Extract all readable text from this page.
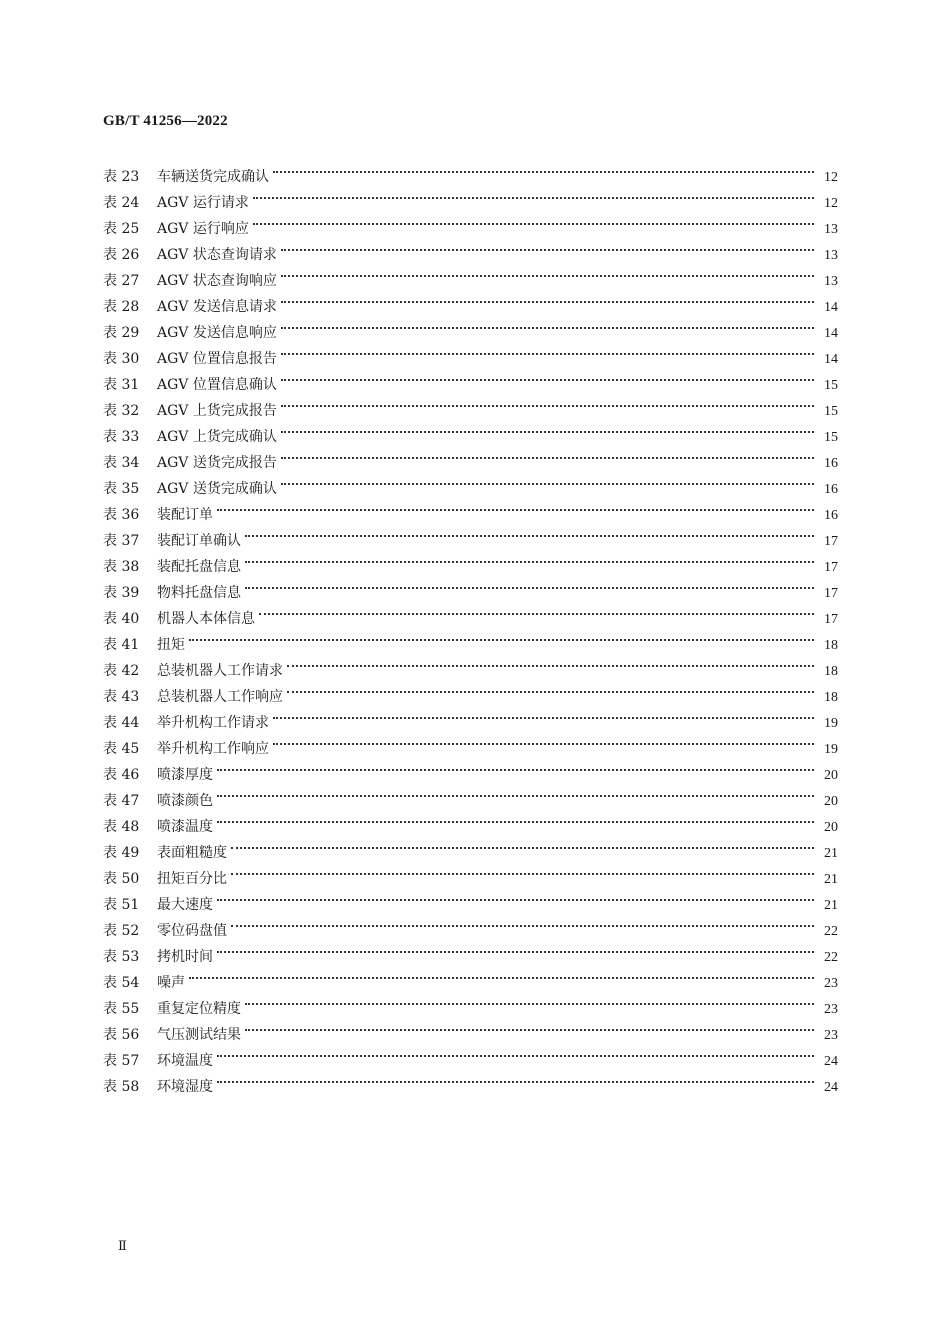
GB/T 41256—2022
表 23	车辆送货完成确认	12
表 24	AGV 运行请求	12
表 25	AGV 运行响应	13
表 26	AGV 状态查询请求	13
表 27	AGV 状态查询响应	13
表 28	AGV 发送信息请求	14
表 29	AGV 发送信息响应	14
表 30	AGV 位置信息报告	14
表 31	AGV 位置信息确认	15
表 32	AGV 上货完成报告	15
表 33	AGV 上货完成确认	15
表 34	AGV 送货完成报告	16
表 35	AGV 送货完成确认	16
表 36	装配订单	16
表 37	装配订单确认	17
表 38	装配托盘信息	17
表 39	物料托盘信息	17
表 40	机器人本体信息	17
表 41	扭矩	18
表 42	总装机器人工作请求	18
表 43	总装机器人工作响应	18
表 44	举升机构工作请求	19
表 45	举升机构工作响应	19
表 46	喷漆厚度	20
表 47	喷漆颜色	20
表 48	喷漆温度	20
表 49	表面粗糙度	21
表 50	扭矩百分比	21
表 51	最大速度	21
表 52	零位码盘值	22
表 53	拷机时间	22
表 54	噪声	23
表 55	重复定位精度	23
表 56	气压测试结果	23
表 57	环境温度	24
表 58	环境湿度	24
Ⅱ
